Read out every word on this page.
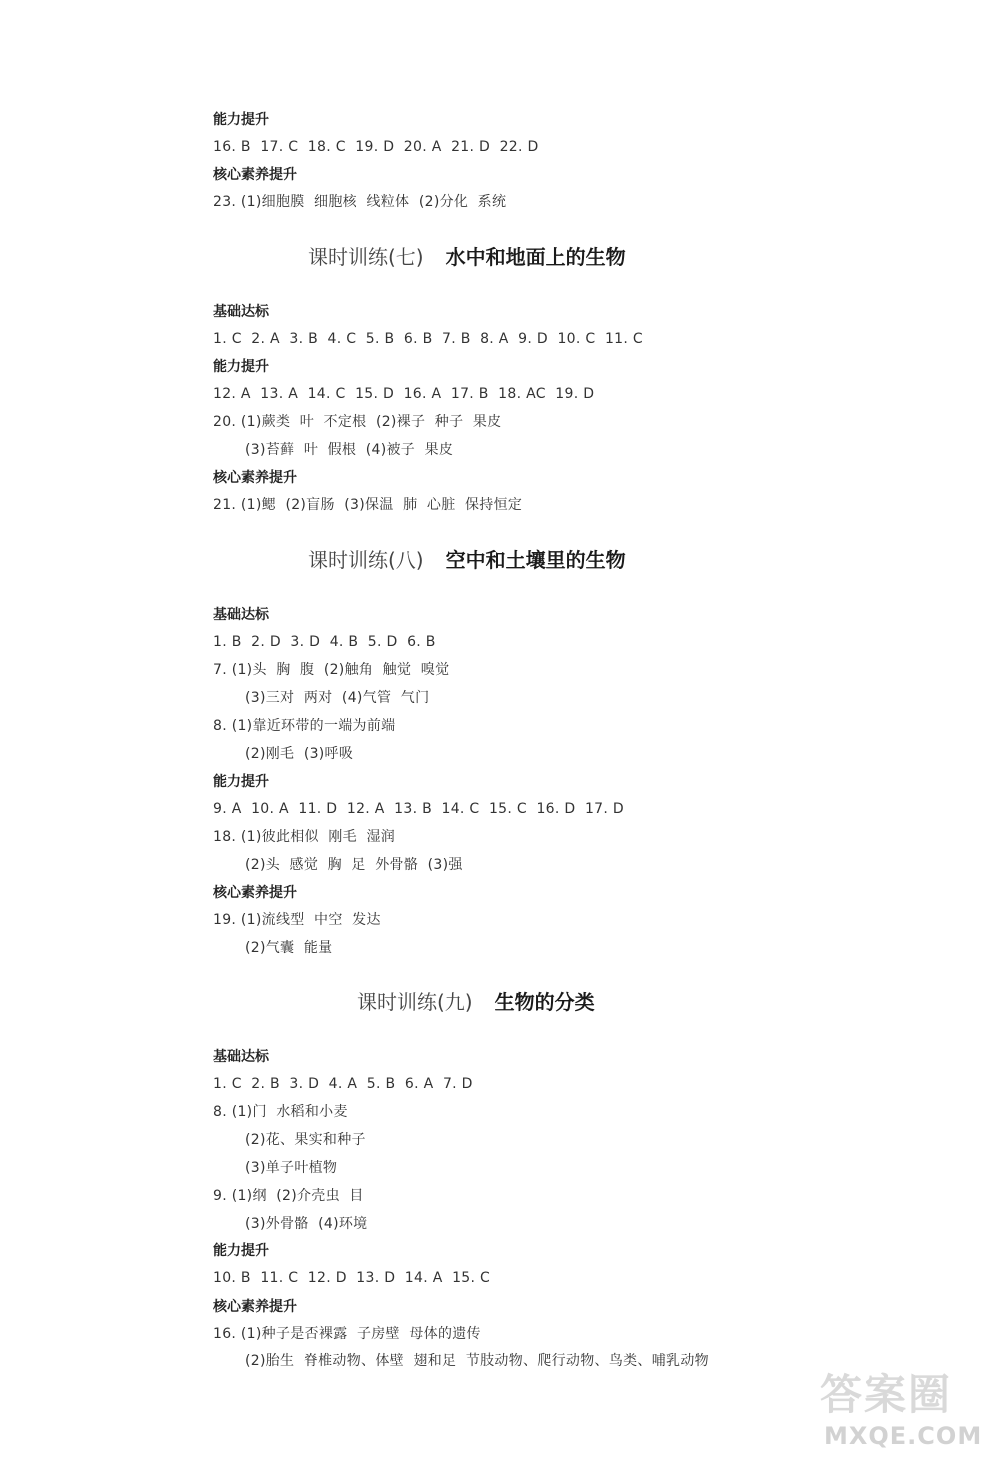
能力提升
16. B  17. C  18. C  19. D  20. A  21. D  22. D
核心素养提升
23. (1)细胞膜  细胞核  线粒体  (2)分化  系统
课时训练(七) 水中和地面上的生物
基础达标
1. C  2. A  3. B  4. C  5. B  6. B  7. B  8. A  9. D  10. C  11. C
能力提升
12. A  13. A  14. C  15. D  16. A  17. B  18. AC  19. D
20. (1)蕨类  叶  不定根  (2)裸子  种子  果皮
(3)苔藓  叶  假根  (4)被子  果皮
核心素养提升
21. (1)鳃  (2)盲肠  (3)保温  肺  心脏  保持恒定
课时训练(八) 空中和土壤里的生物
基础达标
1. B  2. D  3. D  4. B  5. D  6. B
7. (1)头  胸  腹  (2)触角  触觉  嗅觉
(3)三对  两对  (4)气管  气门
8. (1)靠近环带的一端为前端
(2)刚毛  (3)呼吸
能力提升
9. A  10. A  11. D  12. A  13. B  14. C  15. C  16. D  17. D
18. (1)彼此相似  刚毛  湿润
(2)头  感觉  胸  足  外骨骼  (3)强
核心素养提升
19. (1)流线型  中空  发达
(2)气囊  能量
课时训练(九) 生物的分类
基础达标
1. C  2. B  3. D  4. A  5. B  6. A  7. D
8. (1)门  水稻和小麦
(2)花、果实和种子
(3)单子叶植物
9. (1)纲  (2)介壳虫  目
(3)外骨骼  (4)环境
能力提升
10. B  11. C  12. D  13. D  14. A  15. C
核心素养提升
16. (1)种子是否裸露  子房壁  母体的遗传
(2)胎生  脊椎动物、体壁  翅和足  节肢动物、爬行动物、鸟类、哺乳动物
答案圈
MXQE.COM
